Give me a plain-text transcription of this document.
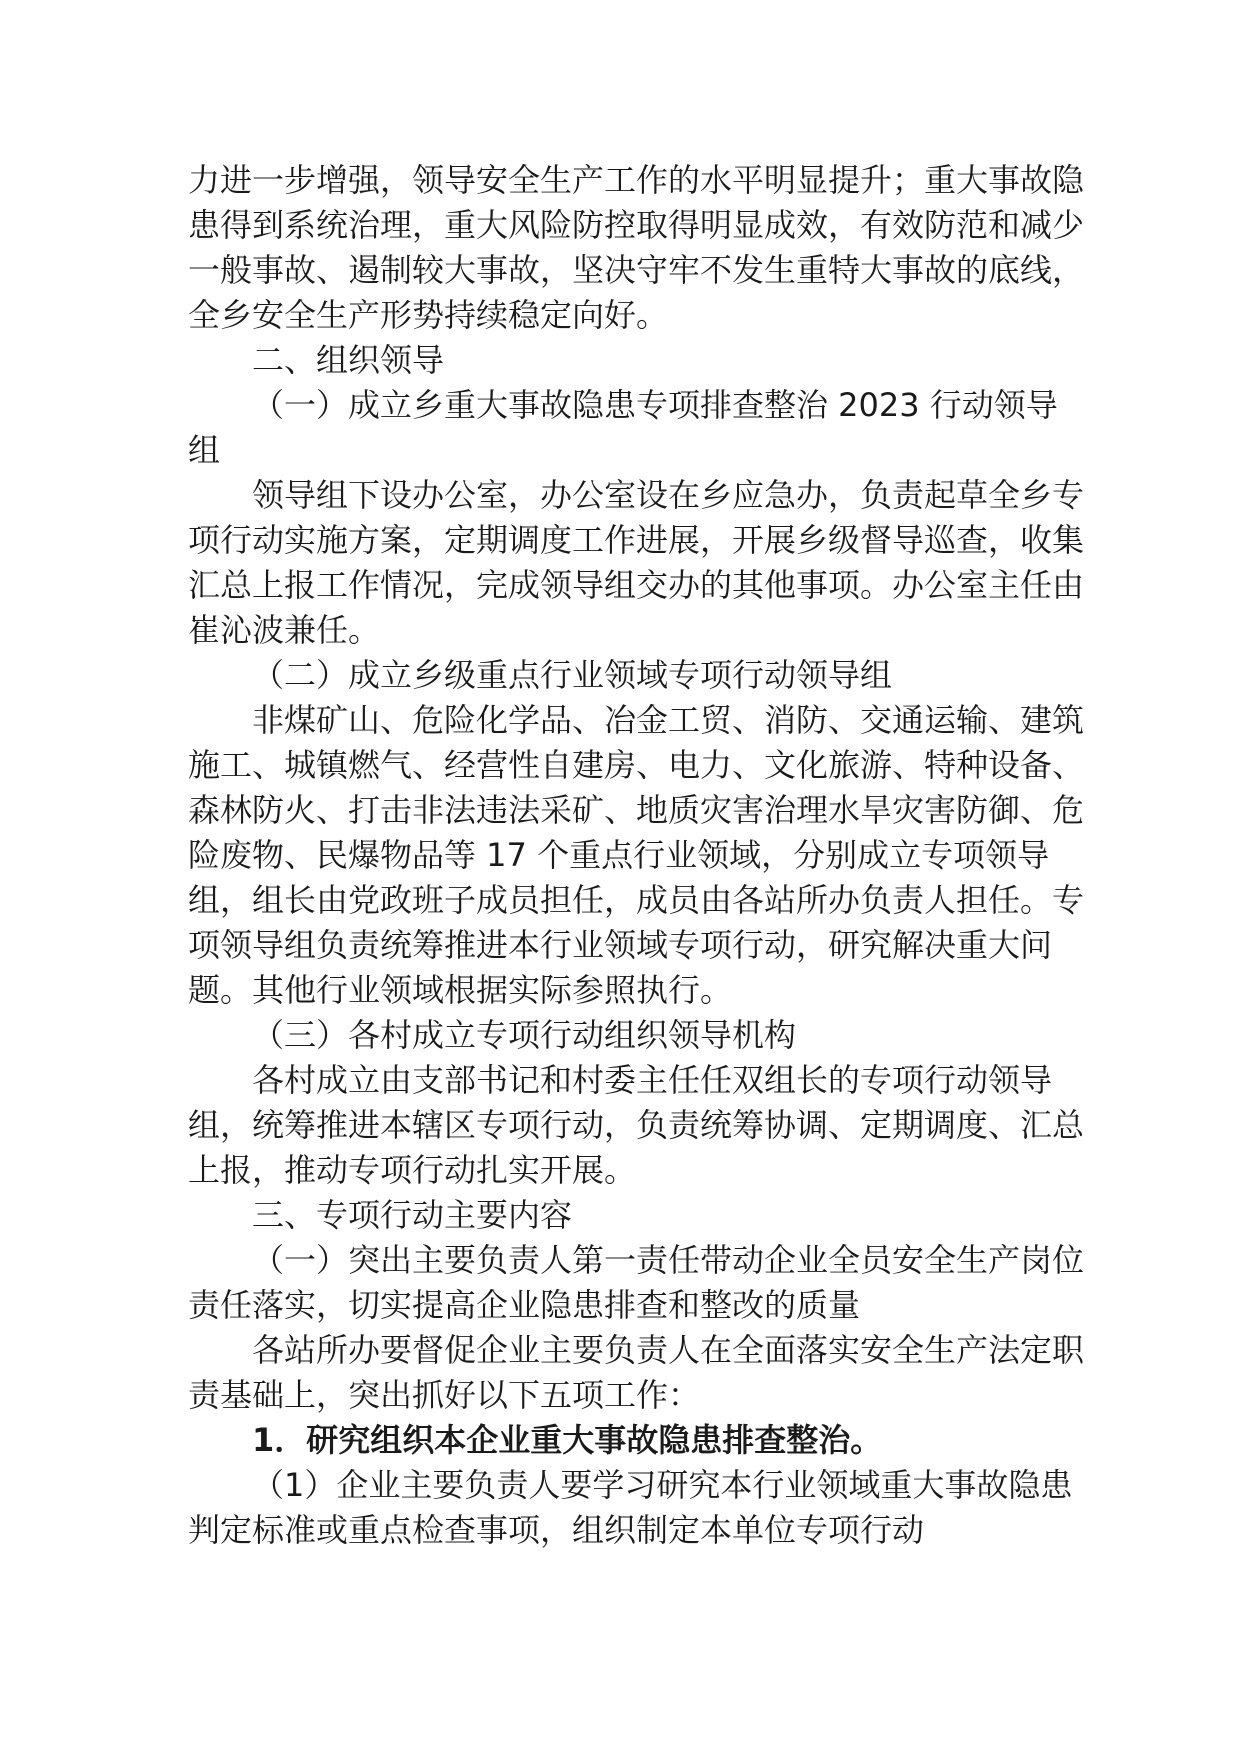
力进一步增强，领导安全生产工作的水平明显提升；重大事故隐患得到系统治理，重大风险防控取得明显成效，有效防范和减少一般事故、遏制较大事故，坚决守牢不发生重特大事故的底线，全乡安全生产形势持续稳定向好。

二、组织领导

（一）成立乡重大事故隐患专项排查整治 2023 行动领导组

领导组下设办公室，办公室设在乡应急办，负责起草全乡专项行动实施方案，定期调度工作进展，开展乡级督导巡查，收集汇总上报工作情况，完成领导组交办的其他事项。办公室主任由崔沁波兼任。

（二）成立乡级重点行业领域专项行动领导组

非煤矿山、危险化学品、冶金工贸、消防、交通运输、建筑施工、城镇燃气、经营性自建房、电力、文化旅游、特种设备、森林防火、打击非法违法采矿、地质灾害治理水旱灾害防御、危险废物、民爆物品等 17 个重点行业领域，分别成立专项领导组，组长由党政班子成员担任，成员由各站所办负责人担任。专项领导组负责统筹推进本行业领域专项行动，研究解决重大问题。其他行业领域根据实际参照执行。

（三）各村成立专项行动组织领导机构

各村成立由支部书记和村委主任任双组长的专项行动领导组，统筹推进本辖区专项行动，负责统筹协调、定期调度、汇总上报，推动专项行动扎实开展。

三、专项行动主要内容

（一）突出主要负责人第一责任带动企业全员安全生产岗位责任落实，切实提高企业隐患排查和整改的质量

各站所办要督促企业主要负责人在全面落实安全生产法定职责基础上，突出抓好以下五项工作：

1．研究组织本企业重大事故隐患排查整治。

（1）企业主要负责人要学习研究本行业领域重大事故隐患判定标准或重点检查事项，组织制定本单位专项行动
